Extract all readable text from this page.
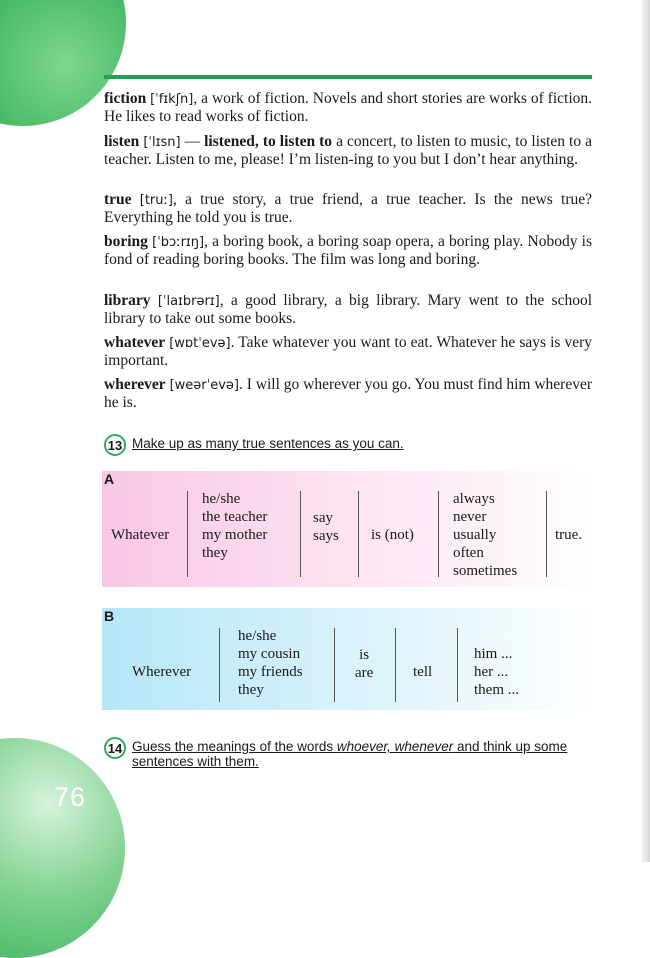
76
fiction [ˈfɪkʃn], a work of fiction. Novels and short stories are works of fiction. He likes to read works of fiction.
listen [ˈlɪsn] — listened, to listen to a concert, to listen to music, to listen to a teacher. Listen to me, please! I’m listen-ing to you but I don’t hear anything.
true [truː], a true story, a true friend, a true teacher. Is the news true? Everything he told you is true.
boring [ˈbɔːrɪŋ], a boring book, a boring soap opera, a boring play. Nobody is fond of reading boring books. The film was long and boring.
library [ˈlaɪbrərɪ], a good library, a big library. Mary went to the school library to take out some books.
whatever [wɒtˈevə]. Take whatever you want to eat. Whatever he says is very important.
wherever [weərˈevə]. I will go wherever you go. You must find him wherever he is.
13 Make up as many true sentences as you can.
A
Whatever
he/she
the teacher
my mother
they
say
says is (not)
always
never
usually
often
sometimes
true.
B
Wherever
he/she
my cousin
my friends
they
is
are	tell
him ...
her ...
them ...
14 Guess the meanings of the words whoever, whenever and think up some sentences with them.
